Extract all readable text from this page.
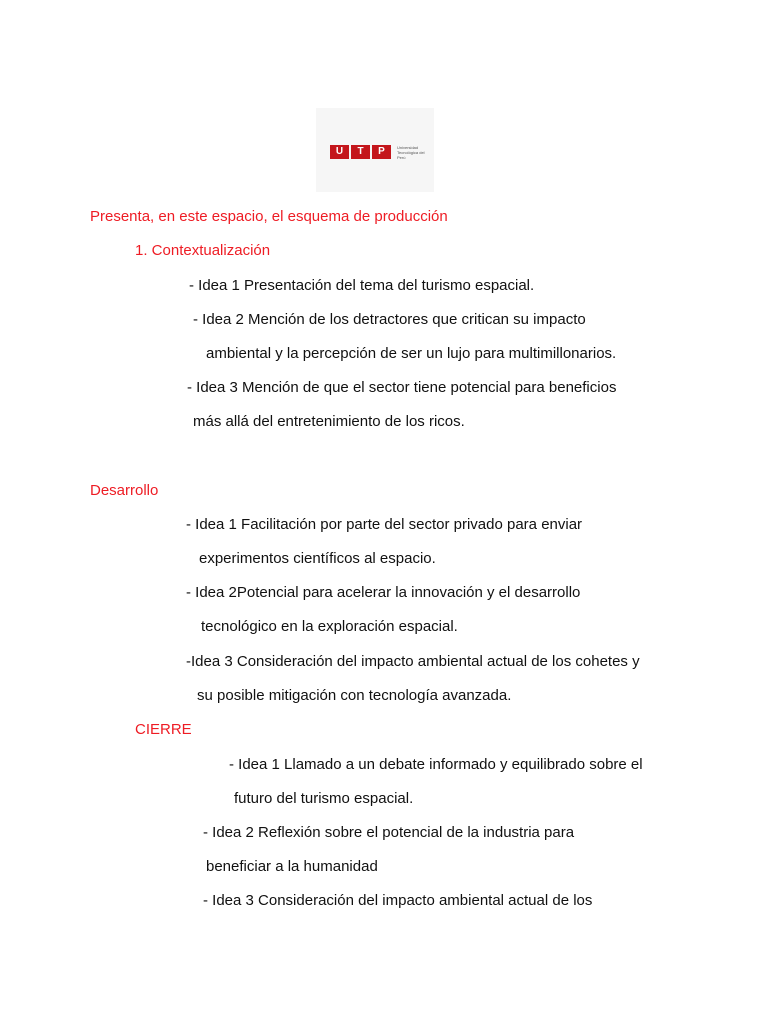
U	T	P	Universidad Tecnológica del Perú
Presenta, en este espacio, el esquema de producción
1. Contextualización
- Idea 1 Presentación del tema del turismo espacial.
- Idea 2 Mención de los detractores que critican su impacto
ambiental y la percepción de ser un lujo para multimillonarios.
- Idea 3 Mención de que el sector tiene potencial para beneficios
más allá del entretenimiento de los ricos.
Desarrollo
- Idea 1 Facilitación por parte del sector privado para enviar
experimentos científicos al espacio.
- Idea 2Potencial para acelerar la innovación y el desarrollo
tecnológico en la exploración espacial.
-Idea 3 Consideración del impacto ambiental actual de los cohetes y
su posible mitigación con tecnología avanzada.
CIERRE
- Idea 1 Llamado a un debate informado y equilibrado sobre el
futuro del turismo espacial.
- Idea 2 Reflexión sobre el potencial de la industria para
beneficiar a la humanidad
- Idea 3 Consideración del impacto ambiental actual de los
